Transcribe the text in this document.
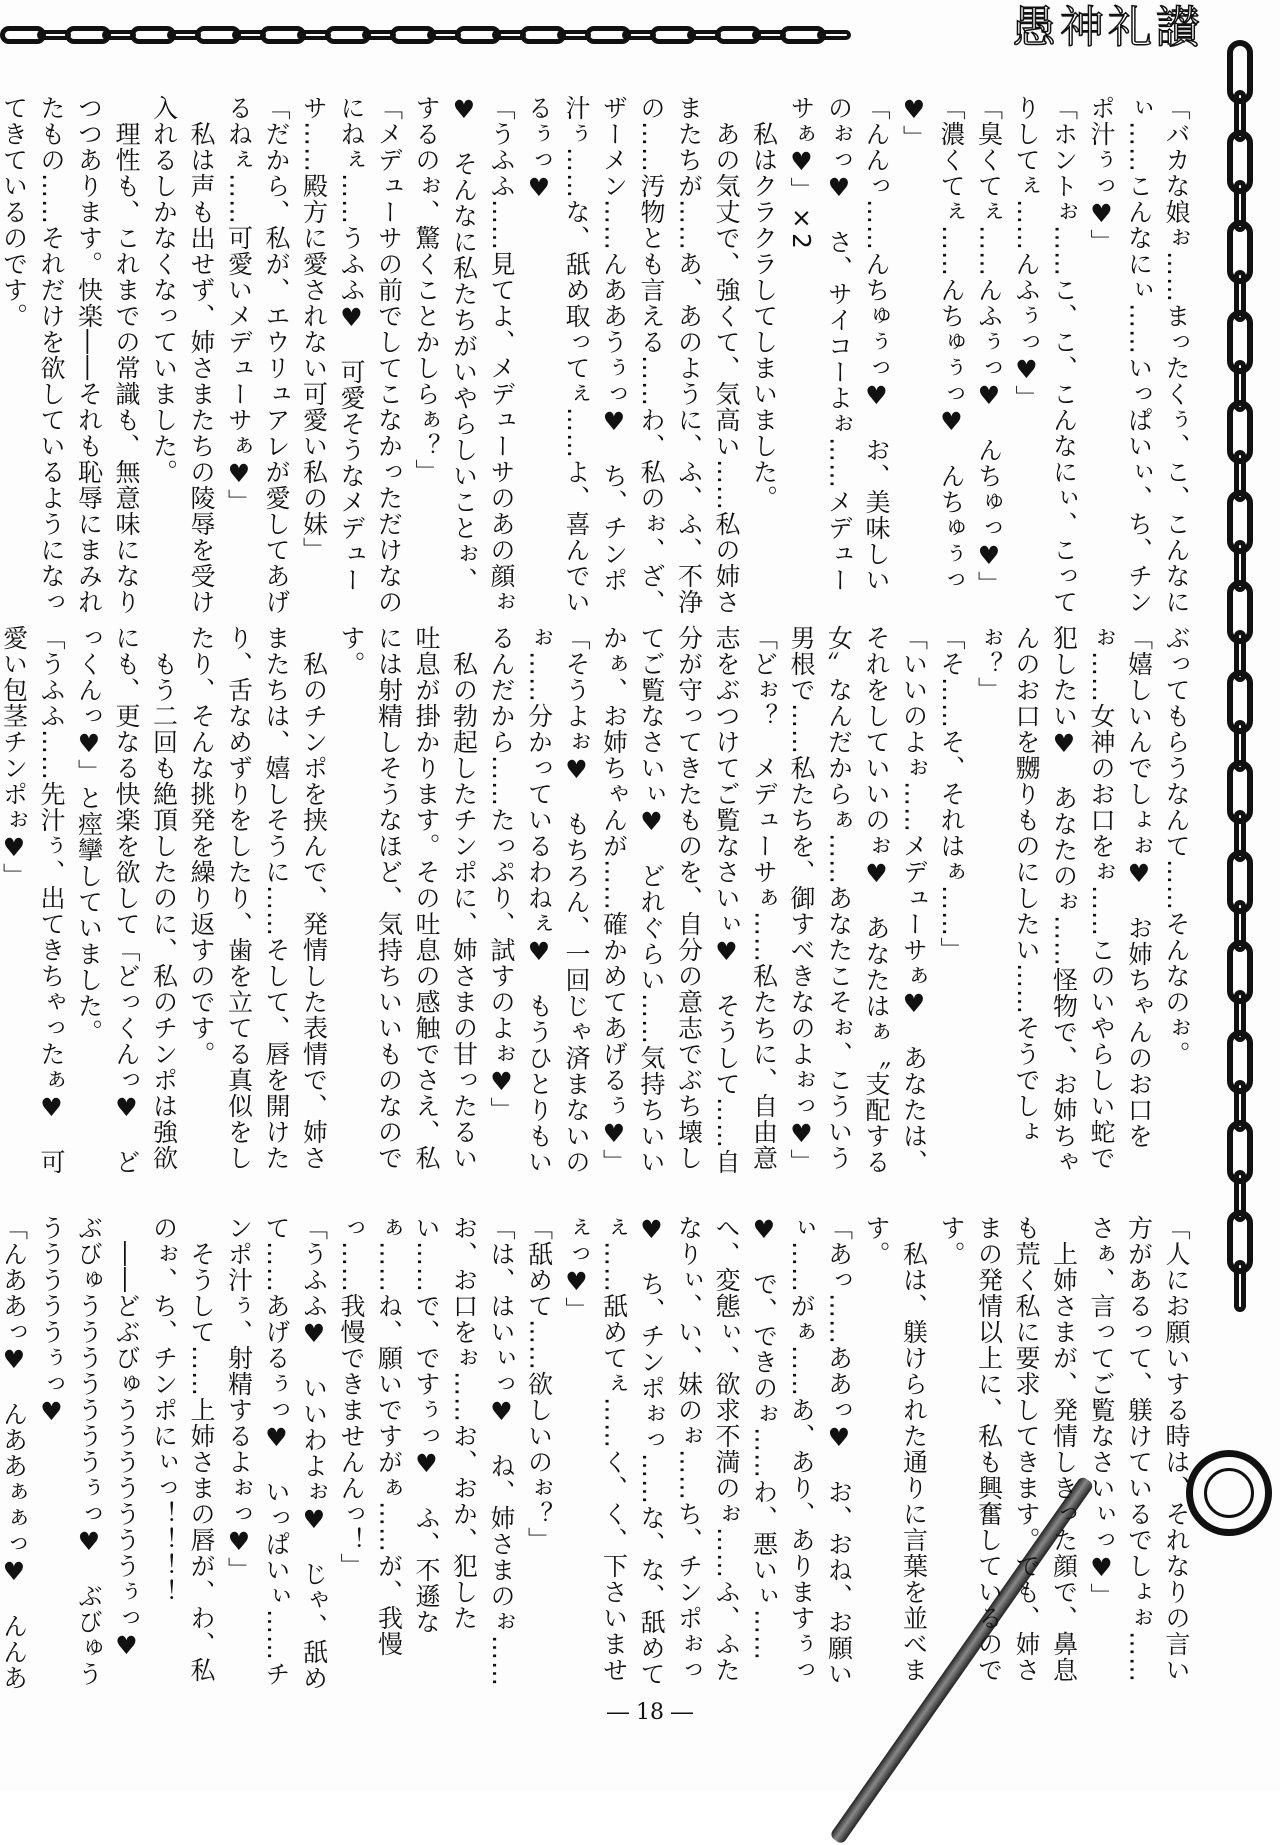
愚神礼讃
「バカな娘ぉ……まったくぅ、こ、こんなにぃ……こんなにぃ……いっぱいぃ、ち、チンポ汁ぅっ♥」
「ホントぉ……こ、こ、こんなにぃ、こってりしてぇ……んふぅっ♥」
「臭くてぇ……んふぅっ♥　んちゅっ♥」
「濃くてぇ……んちゅぅっ♥　んちゅぅっ♥」
「んんっ……んちゅぅっ♥　お、美味しいのぉっ♥　さ、サイコーよぉ……メデューサぁ♥」×2
　私はクラクラしてしまいました。
　あの気丈で、強くて、気高い……私の姉さまたちが……あ、あのように、ふ、ふ、不浄の……汚物とも言える……わ、私のぉ、ざ、ザーメン……んああうぅっ♥　ち、チンポ汁ぅ……な、舐め取ってぇ……よ、喜んでいるぅっ♥
「うふふ……見てよ、メデューサのあの顔ぉ♥　そんなに私たちがいやらしいことぉ、するのぉ、驚くことかしらぁ？」
「メデューサの前でしてこなかっただけなのにねぇ……うふふ♥　可愛そうなメデューサ……殿方に愛されない可愛い私の妹」
「だから、私が、エウリュアレが愛してあげるねぇ……可愛いメデューサぁ♥」
　私は声も出せず、姉さまたちの陵辱を受け入れるしかなくなっていました。
　理性も、これまでの常識も、無意味になりつつあります。快楽――それも恥辱にまみれたもの……それだけを欲しているようになってきているのです。
ぶってもらうなんて……そんなのぉ。
「嬉しいんでしょぉ♥　お姉ちゃんのお口をぉ……女神のお口をぉ……このいやらしい蛇で犯したい♥　あなたのぉ……怪物で、お姉ちゃんのお口を嬲りものにしたい……そうでしょぉ？」
「そ……そ、それはぁ……」
「いいのよぉ……メデューサぁ♥　あなたは、それをしていいのぉ♥　あなたはぁ〝支配する女〟なんだからぁ……あなたこそぉ、こういう男根で……私たちを、御すべきなのよぉっ♥」
「どぉ？　メデューサぁ……私たちに、自由意志をぶつけてご覧なさいぃ♥　そうして……自分が守ってきたものを、自分の意志でぶち壊してご覧なさいぃ♥　どれぐらい……気持ちいいかぁ、お姉ちゃんが……確かめてあげるぅ♥」
「そうよぉ♥　もちろん、一回じゃ済まないのぉ……分かっているわねぇ♥　もうひとりもいるんだから……たっぷり、試すのよぉ♥」
　私の勃起したチンポに、姉さまの甘ったるい吐息が掛かります。その吐息の感触でさえ、私には射精しそうなほど、気持ちいいものなのです。
　私のチンポを挟んで、発情した表情で、姉さまたちは、嬉しそうに……そして、唇を開けたり、舌なめずりをしたり、歯を立てる真似をしたり、そんな挑発を繰り返すのです。
　もう二回も絶頂したのに、私のチンポは強欲にも、更なる快楽を欲して「どっくんっ♥　どっくんっ♥」と痙攣していました。
「うふふ……先汁ぅ、出てきちゃったぁ♥　可愛い包茎チンポぉ♥」
「人にお願いする時は、それなりの言い方があるって、躾けているでしょぉ……さぁ、言ってご覧なさいぃっ♥」
　上姉さまが、発情しきった顔で、鼻息も荒く私に要求してきます。でも、姉さまの発情以上に、私も興奮しているのです。
　私は、躾けられた通りに言葉を並べます。
「あっ……ああっ♥　お、おね、お願いぃ……がぁ……あ、あり、ありますぅっ♥　で、できのぉ……わ、悪いぃ……へ、変態ぃ、欲求不満のぉ……ふ、ふたなりぃ、い、妹のぉ……ち、チンポぉっ♥　ち、チンポぉっ……な、な、舐めてぇ……舐めてぇ……く、く、下さいませぇっ♥」
「舐めて……欲しいのぉ？」
「は、はいぃっ♥　ね、姉さまのぉ……お、お口をぉ……お、おか、犯したい……で、ですぅっ♥　ふ、不遜なぁ……ね、願いですがぁ……が、我慢っ……我慢できませんんっ！」
「うふふ♥　いいわよぉ♥　じゃ、舐めて……あげるぅっ♥　いっぱいぃ……チンポ汁ぅ、射精するよぉっ♥」
　そうして……上姉さまの唇が、わ、私のぉ、ち、チンポにぃっ！！！！
　――どぶびゅうううううううぅっ♥　ぶびゅうううううううぅっ♥　ぶびゅううううううぅっ♥
「んああっ♥　んああぁぁっ♥　んんあ
― 18 ―
